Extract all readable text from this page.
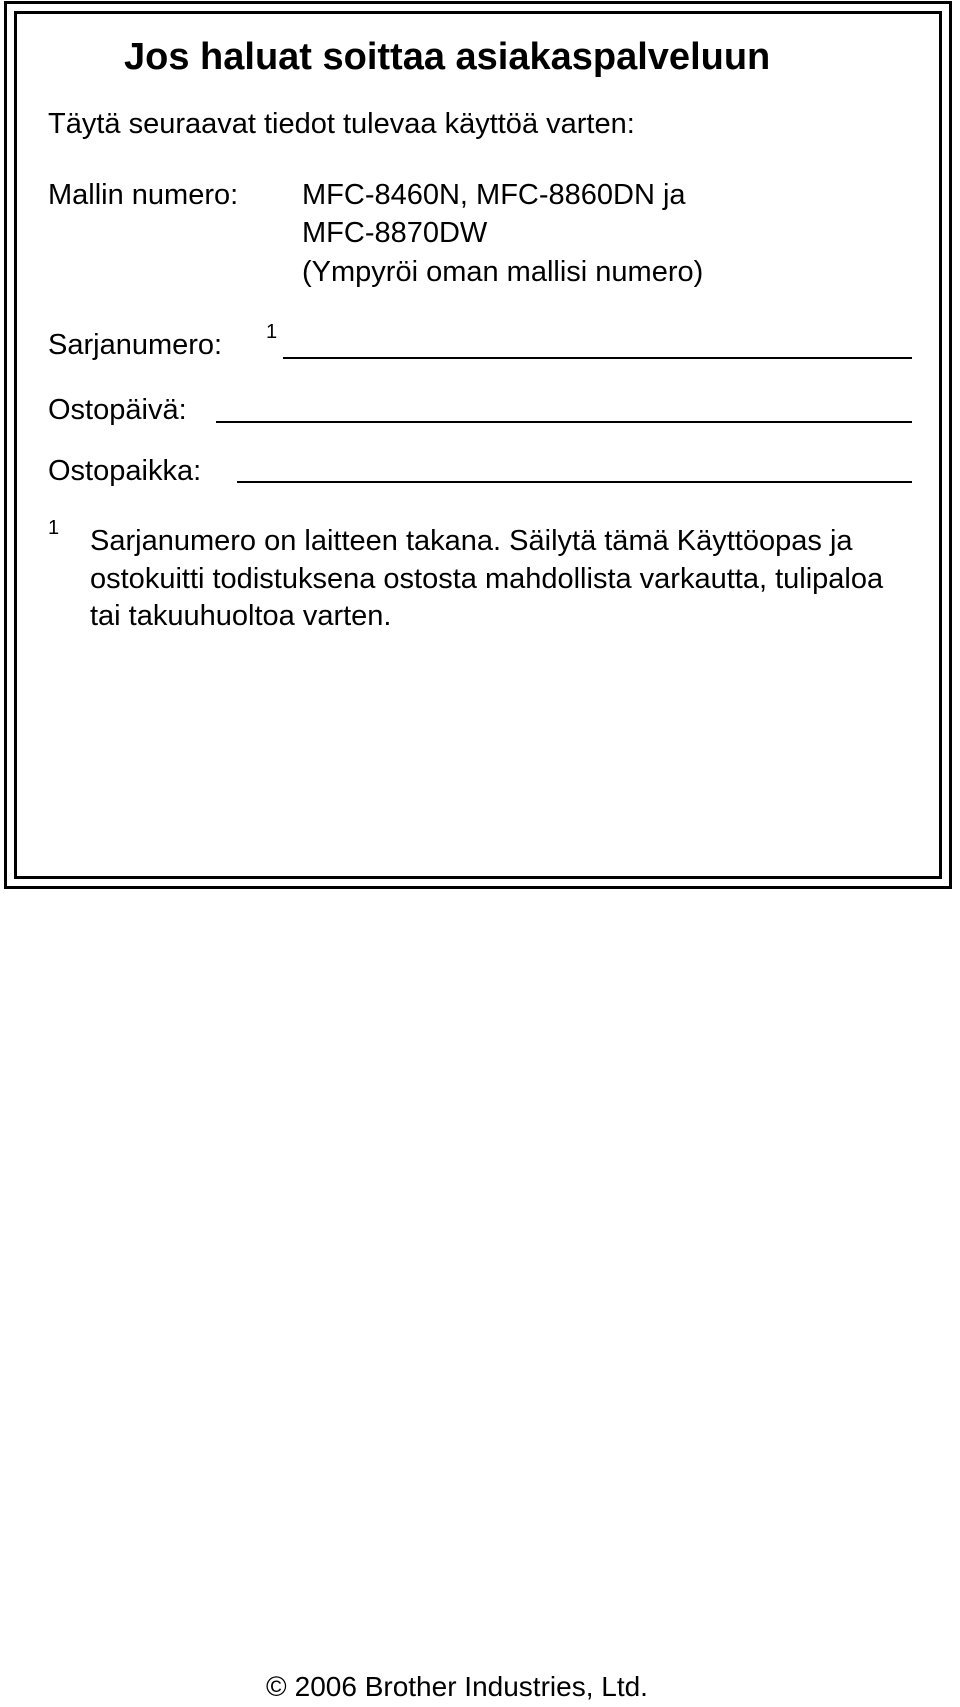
Jos haluat soittaa asiakaspalveluun
Täytä seuraavat tiedot tulevaa käyttöä varten:
Mallin numero: MFC-8460N, MFC-8860DN ja
MFC-8870DW
(Ympyröi oman mallisi numero)
Sarjanumero: 1
Ostopäivä:
Ostopaikka:
1 Sarjanumero on laitteen takana. Säilytä tämä Käyttöopas ja ostokuitti todistuksena ostosta mahdollista varkautta, tulipaloa tai takuuhuoltoa varten.
© 2006 Brother Industries, Ltd.
